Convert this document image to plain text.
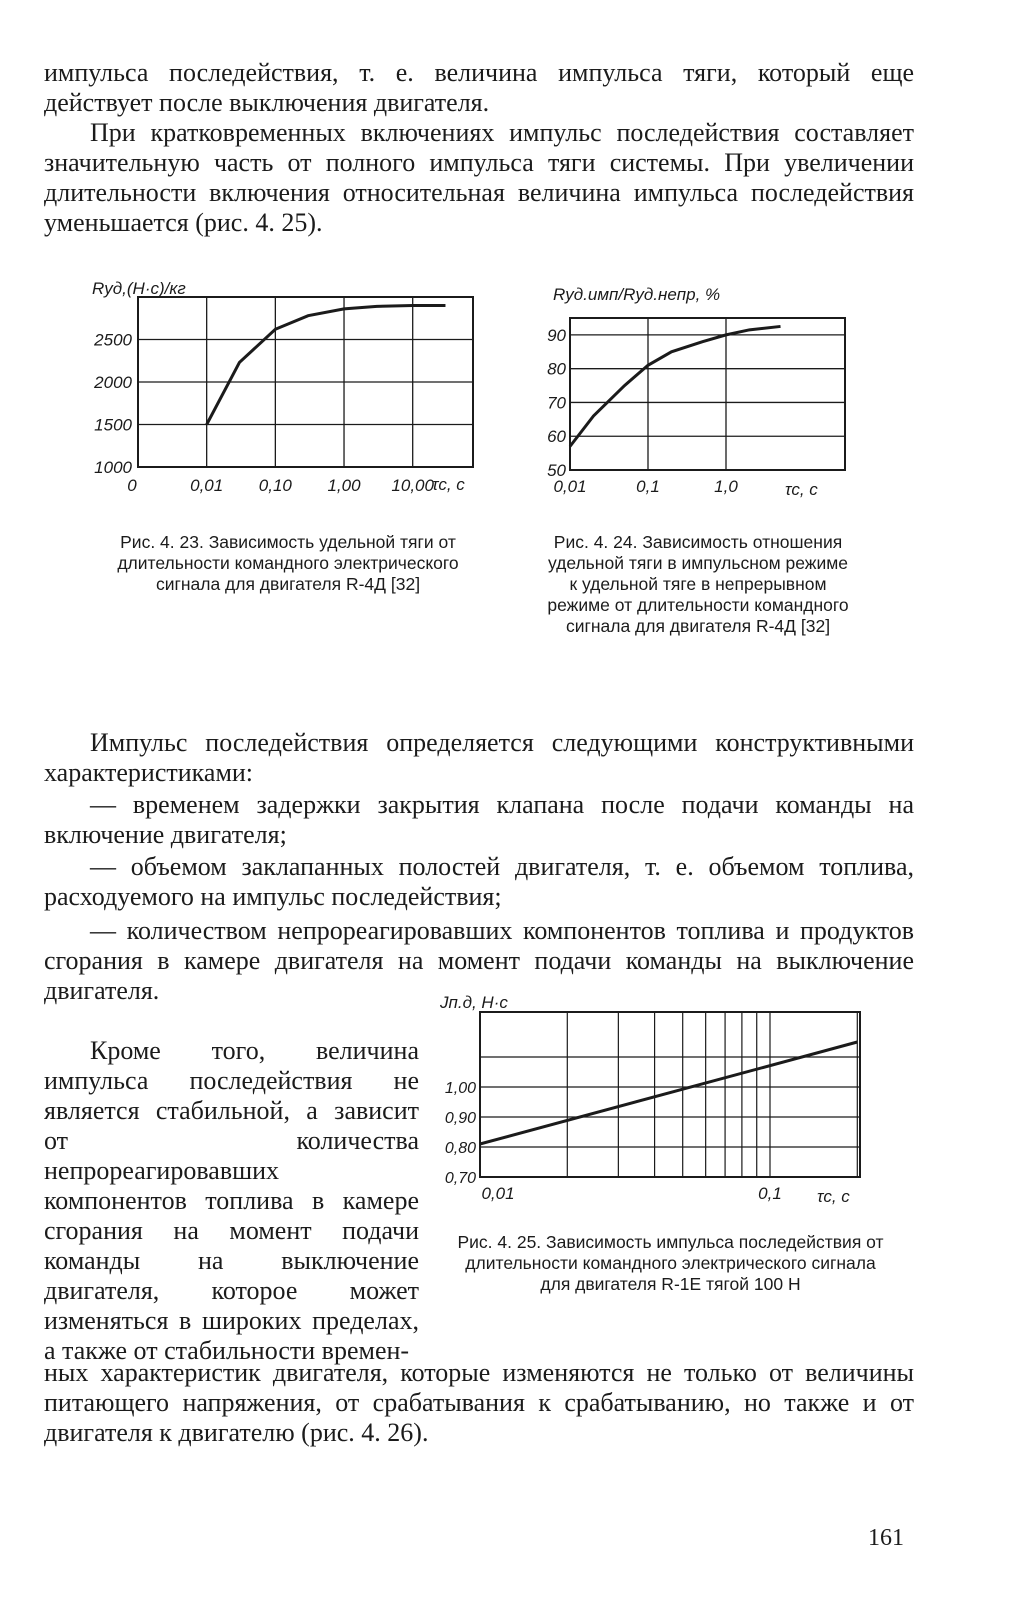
импульса последействия, т. е. величина импульса тяги, который еще действует после выключения двигателя.

При кратковременных включениях импульс последействия составляет значительную часть от полного импульса тяги системы. При увеличении длительности включения относительная величина импульса последействия уменьшается (рис. 4. 25).

Rуд,(Н·с)/кг
1000
1500
2000
2500
0	0,01 0,10 1,00 10,00
τс, с
Rуд.имп/Rуд.непр, %
50
60
70
80
90
0,01	0,1	1,0	τс, с

Рис. 4. 23. Зависимость удельной тяги от длительности командного электрического сигнала для двигателя R-4Д [32]

Рис. 4. 24. Зависимость отношения удельной тяги в импульсном режиме к удельной тяге в непрерывном режиме от длительности командного сигнала для двигателя R-4Д [32]

Импульс последействия определяется следующими конструктивными характеристиками:

— временем задержки закрытия клапана после подачи команды на включение двигателя;

— объемом заклапанных полостей двигателя, т. е. объемом топлива, расходуемого на импульс последействия;

— количеством непрореагировавших компонентов топлива и продуктов сгорания в камере двигателя на момент подачи команды на выключение двигателя.

Кроме того, величина импульса последействия не является стабильной, а зависит от количества непрореагировавших компонентов топлива в камере сгорания на момент подачи команды на выключение двигателя, которое может изменяться в широких пределах, а также от стабильности времен-

ных характеристик двигателя, которые изменяются не только от величины питающего напряжения, от срабатывания к срабатыванию, но также и от двигателя к двигателю (рис. 4. 26).

Jп.д, Н·с
0,70
0,80
0,90
1,00
0,01	0,1 τс, с

Рис. 4. 25. Зависимость импульса последействия от длительности командного электрического сигнала для двигателя R-1E тягой 100 Н

161
